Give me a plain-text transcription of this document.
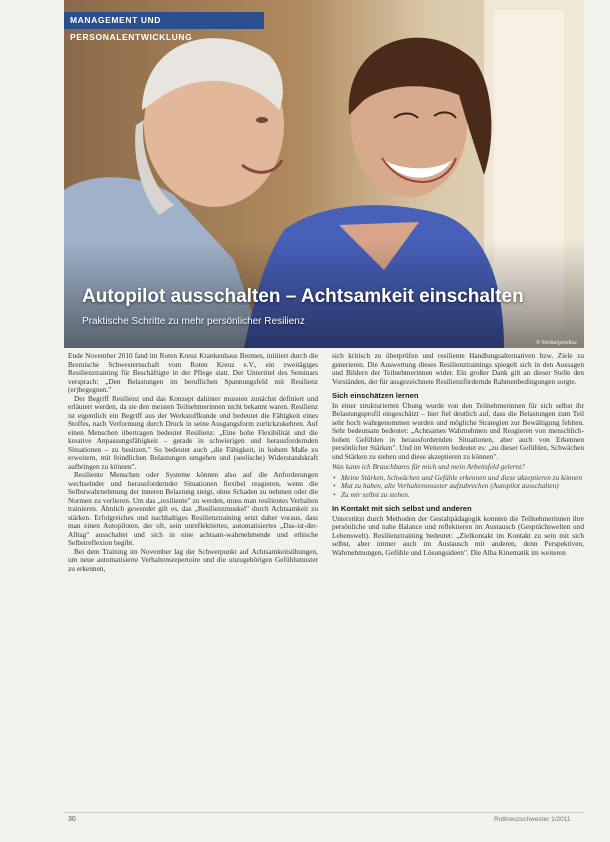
MANAGEMENT UND PERSONALENTWICKLUNG
Autopilot ausschalten – Achtsamkeit einschalten
Praktische Schritte zu mehr persönlicher Resilienz
© fotolia/goodluz

Ende November 2010 fand im Roten Kreuz Krankenhaus Bremen, initiiert durch die Bremische Schwesternschaft vom Roten Kreuz e.V., ein zweitägiges Resilienztraining für Beschäftigte in der Pflege statt. Der Untertitel des Seminars versprach: „Den Belastungen im beruflichen Spannungsfeld mit Resilienz (er)begegnen."

Der Begriff Resilienz und das Konzept dahinter mussten zunächst definiert und erläutert werden, da sie den meisten Teilnehmerinnen nicht bekannt waren. Resilienz ist eigentlich ein Begriff aus der Werkstoffkunde und bedeutet die Fähigkeit eines Stoffes, nach Verformung durch Druck in seine Ausgangsform zurückzukehren. Auf einen Menschen übertragen bedeutet Resilienz: „Eine hohe Flexibilität und die kreative Anpassungsfähigkeit – gerade in schwierigen und herausfordernden Situationen – zu besitzen." So bedeutet auch „die Fähigkeit, in hohem Maße zu erweitern, mit feindlichen Belastungen umgehen und (seelische) Widerstandskraft aufbringen zu können".

Resiliente Menschen oder Systeme können also auf die Anforderungen wechselnder und herausfordernder Situationen flexibel reagieren, wenn die Selbstwahrnehmung der inneren Belastung steigt, ohne Schaden zu nehmen oder die Normen zu verlieren. Um das „resiliente" zu werden, muss man resilientes Verhalten trainieren. Ähnlich gewendet gilt es, das „Resilienzmuskel" durch Achtsamkeit zu stärken. Erfolgreiches und nachhaltiges Resilienztraining setzt daher voraus, dass man einen Autopiloten, der oft, sein unreflektiertes, automatisiertes „Das-ist-der-Alltag" ausschaltet und sich in eine achtsam-wahrnehmende und ethische Selbstreflexion begibt.

Bei dem Training im November lag der Schwerpunkt auf Achtsamkeitsübungen, um neue automatisierte Verhaltensrepertoire und die unzugehörigen Gefühlsmuster zu erkennen,

sich kritisch zu überprüfen und resiliente Handlungsalternativen bzw. Ziele zu generieren. Die Auswertung dieses Resilienztrainings spiegelt sich in den Aussagen und Bildern der Teilnehmerinnen wider. Ein großer Dank gilt an dieser Stelle den Vorständen, der für ausgezeichnete Resilienzfördernde Rahmenbedingungen sorgte.

Sich einschätzen lernen

In einer strukturierten Übung wurde von den Teilnehmerinnen für sich selbst ihr Belastungsprofil eingeschätzt – hier fiel deutlich auf, dass die Belastungen zum Teil sehr hoch wahrgenommen wurden und mögliche Strategien zur Bewältigung fehlten. Sehr bedeutsam bedeutet: „Achtsames Wahrnehmen und Reagieren von menschlich-hohen Gefühlen in herausfordernden Situationen, aber auch von Erkennen persönlicher Stärken". Und im Weiteren bedeutet es: „zu dieser Gefühlen, Schwächen und Stärken zu stehen und diese akzeptieren zu können".

Was kann ich Brauchbares für mich und mein Arbeitsfeld gelernt?
• Meine Stärken, Schwächen und Gefühle erkennen und diese akzeptieren zu können
• Mut zu haben, alte Verhaltensmuster aufzubrechen (Autopilot ausschalten)
• Zu mir selbst zu stehen.
In Kontakt mit sich selbst und anderen

Unterstützt durch Methoden der Gestaltpädagogik konnten die Teilnehmerinnen ihre persönliche und nahe Balance und reflektieren im Austausch (Gesprächswelten und Lebenswelt). Resilienztraining bedeutet: „Zielkontakt im Kontakt zu sein mit sich selbst, aber immer auch im Austausch mit anderen, denn Perspektiven, Wahrnehmungen, Gefühle und Lösungsideen". Die Alba Kinematik im weiteren

30	Rotkreuzschwester 1/2011
